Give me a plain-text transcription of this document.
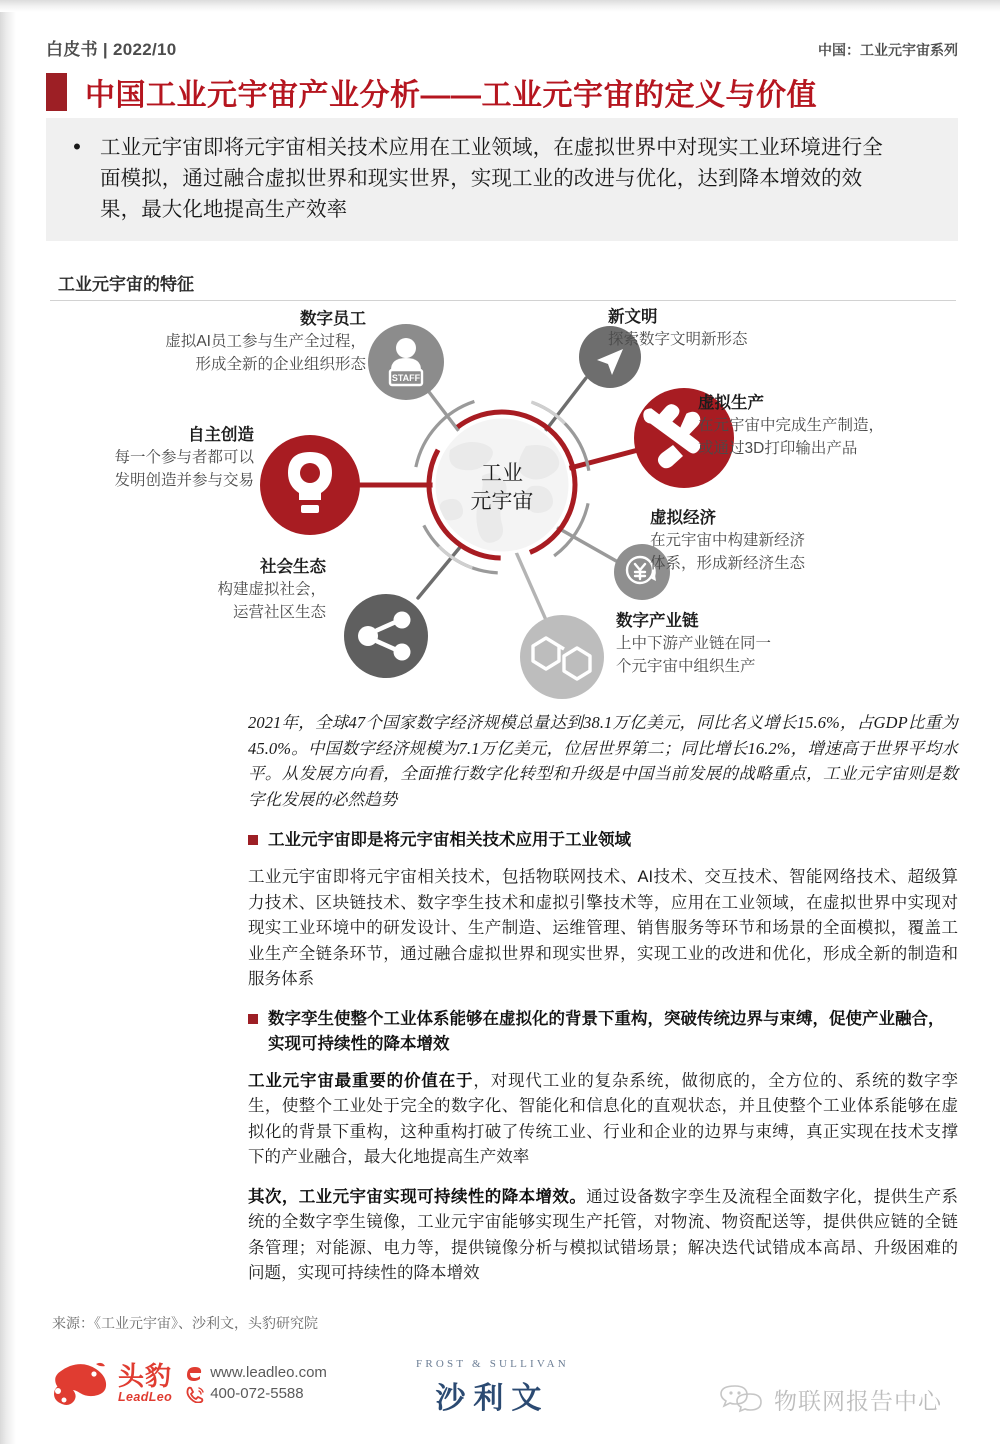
白皮书 | 2022/10	中国：工业元宇宙系列
中国工业元宇宙产业分析——工业元宇宙的定义与价值
• 工业元宇宙即将元宇宙相关技术应用在工业领域，在虚拟世界中对现实工业环境进行全面模拟，通过融合虚拟世界和现实世界，实现工业的改进与优化，达到降本增效的效果，最大化地提高生产效率
工业元宇宙的特征
STAFF
工业
元宇宙
数字员工
虚拟AI员工参与生产全过程，
形成全新的企业组织形态
新文明
探索数字文明新形态
虚拟生产
在元宇宙中完成生产制造，
或通过3D打印输出产品
虚拟经济
在元宇宙中构建新经济
体系，形成新经济生态
数字产业链
上中下游产业链在同一
个元宇宙中组织生产
社会生态
构建虚拟社会，
运营社区生态
自主创造
每一个参与者都可以
发明创造并参与交易

2021年，全球47个国家数字经济规模总量达到38.1万亿美元，同比名义增长15.6%，占GDP比重为45.0%。中国数字经济规模为7.1万亿美元，位居世界第二；同比增长16.2%，增速高于世界平均水平。从发展方向看，全面推行数字化转型和升级是中国当前发展的战略重点，工业元宇宙则是数字化发展的必然趋势

工业元宇宙即是将元宇宙相关技术应用于工业领域

工业元宇宙即将元宇宙相关技术，包括物联网技术、AI技术、交互技术、智能网络技术、超级算力技术、区块链技术、数字孪生技术和虚拟引擎技术等，应用在工业领域，在虚拟世界中实现对现实工业环境中的研发设计、生产制造、运维管理、销售服务等环节和场景的全面模拟，覆盖工业生产全链条环节，通过融合虚拟世界和现实世界，实现工业的改进和优化，形成全新的制造和服务体系

数字孪生使整个工业体系能够在虚拟化的背景下重构，突破传统边界与束缚，促使产业融合，实现可持续性的降本增效

工业元宇宙最重要的价值在于，对现代工业的复杂系统，做彻底的，全方位的、系统的数字孪生，使整个工业处于完全的数字化、智能化和信息化的直观状态，并且使整个工业体系能够在虚拟化的背景下重构，这种重构打破了传统工业、行业和企业的边界与束缚，真正实现在技术支撑下的产业融合，最大化地提高生产效率

其次，工业元宇宙实现可持续性的降本增效。通过设备数字孪生及流程全面数字化，提供生产系统的全数字孪生镜像，工业元宇宙能够实现生产托管，对物流、物资配送等，提供供应链的全链条管理；对能源、电力等，提供镜像分析与模拟试错场景；解决迭代试错成本高昂、升级困难的问题，实现可持续性的降本增效

来源：《工业元宇宙》、沙利文，头豹研究院
头豹
LeadLeo
www.leadleo.com
400-072-5588
FROST & SULLIVAN
沙利文	物联网报告中心
